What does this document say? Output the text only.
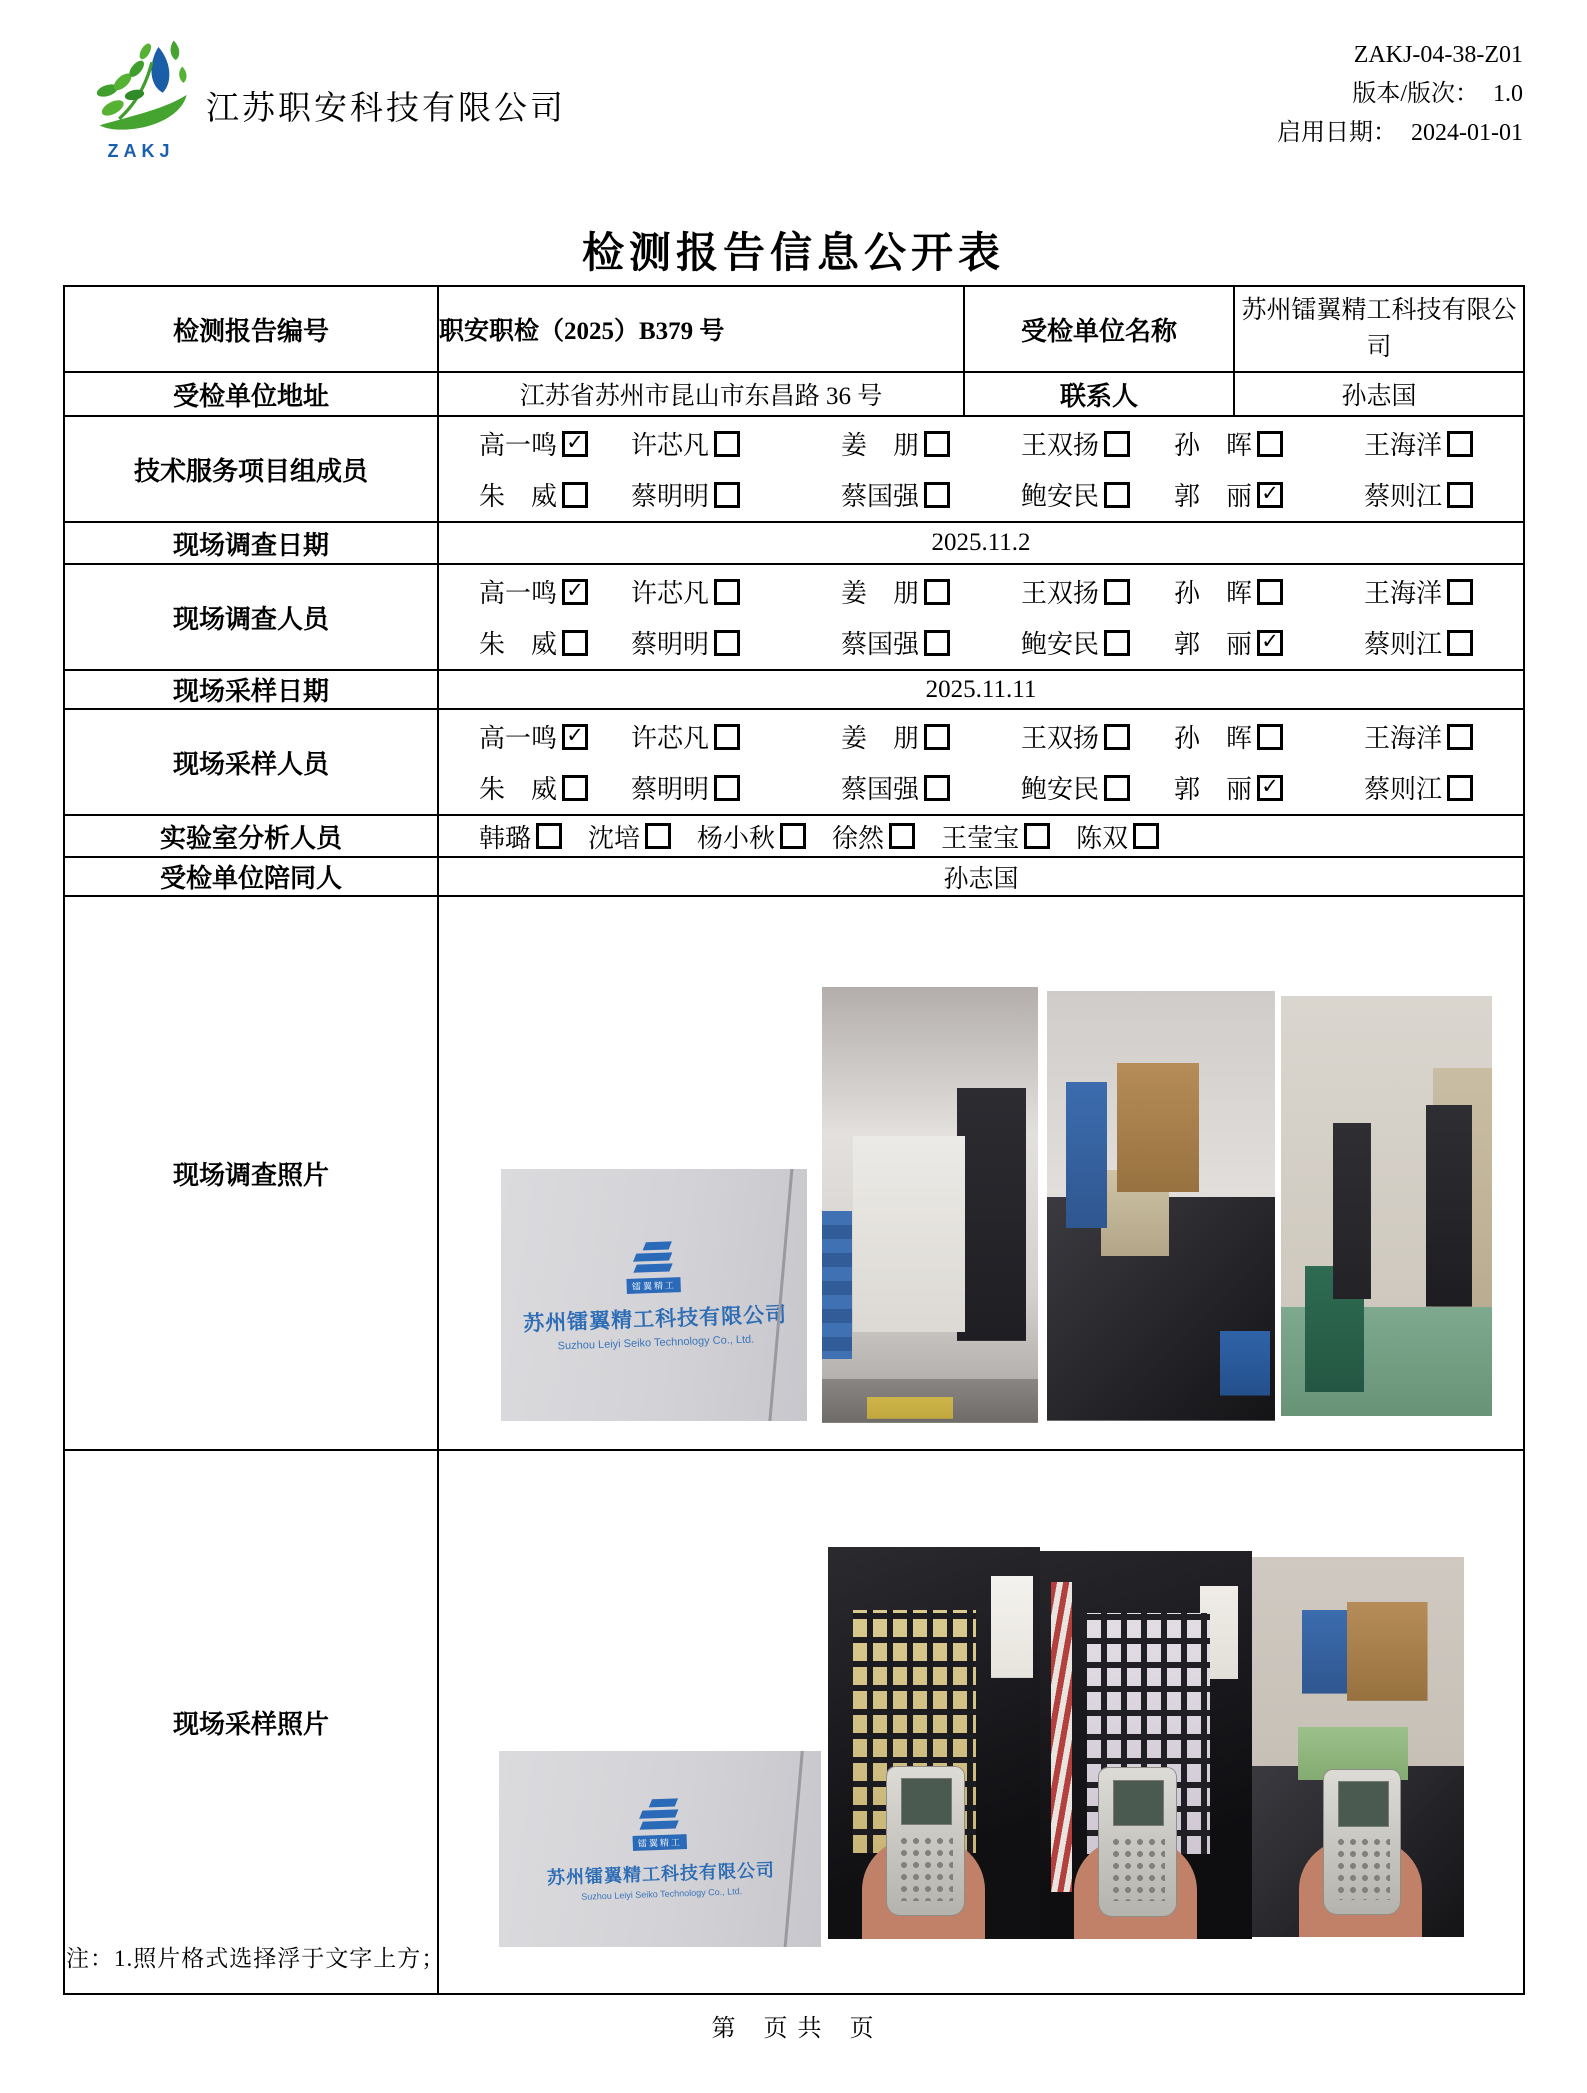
ZAKJ
江苏职安科技有限公司
ZAKJ-04-38-Z01
版本/版次： 1.0
启用日期： 2024-01-01
检测报告信息公开表
检测报告编号	职安职检（2025）B379 号	受检单位名称	苏州镭翼精工科技有限公司
受检单位地址	江苏省苏州市昆山市东昌路 36 号	联系人	孙志国
技术服务项目组成员	
高一鸣 ✓	许芯凡	姜　朋	王双扬	孙　晖	王海洋
朱　威	蔡明明	蔡国强	鲍安民	郭　丽 ✓	蔡则江

现场调查日期	2025.11.2		
现场调查人员	
高一鸣 ✓	许芯凡	姜　朋	王双扬	孙　晖	王海洋
朱　威	蔡明明	蔡国强	鲍安民	郭　丽 ✓	蔡则江

现场采样日期	2025.11.11		
现场采样人员	
高一鸣 ✓	许芯凡	姜　朋	王双扬	孙　晖	王海洋
朱　威	蔡明明	蔡国强	鲍安民	郭　丽 ✓	蔡则江

实验室分析人员	韩璐 沈培 杨小秋 徐然 王莹宝 陈双

受检单位陪同人	孙志国		
现场调查照片	镭翼精工
苏州镭翼精工科技有限公司
Suzhou Leiyi Seiko Technology Co., Ltd.		

现场采样照片	镭翼精工
苏州镭翼精工科技有限公司
Suzhou Leiyi Seiko Technology Co., Ltd.		
注：1.照片格式选择浮于文字上方；
第　页 共　页
